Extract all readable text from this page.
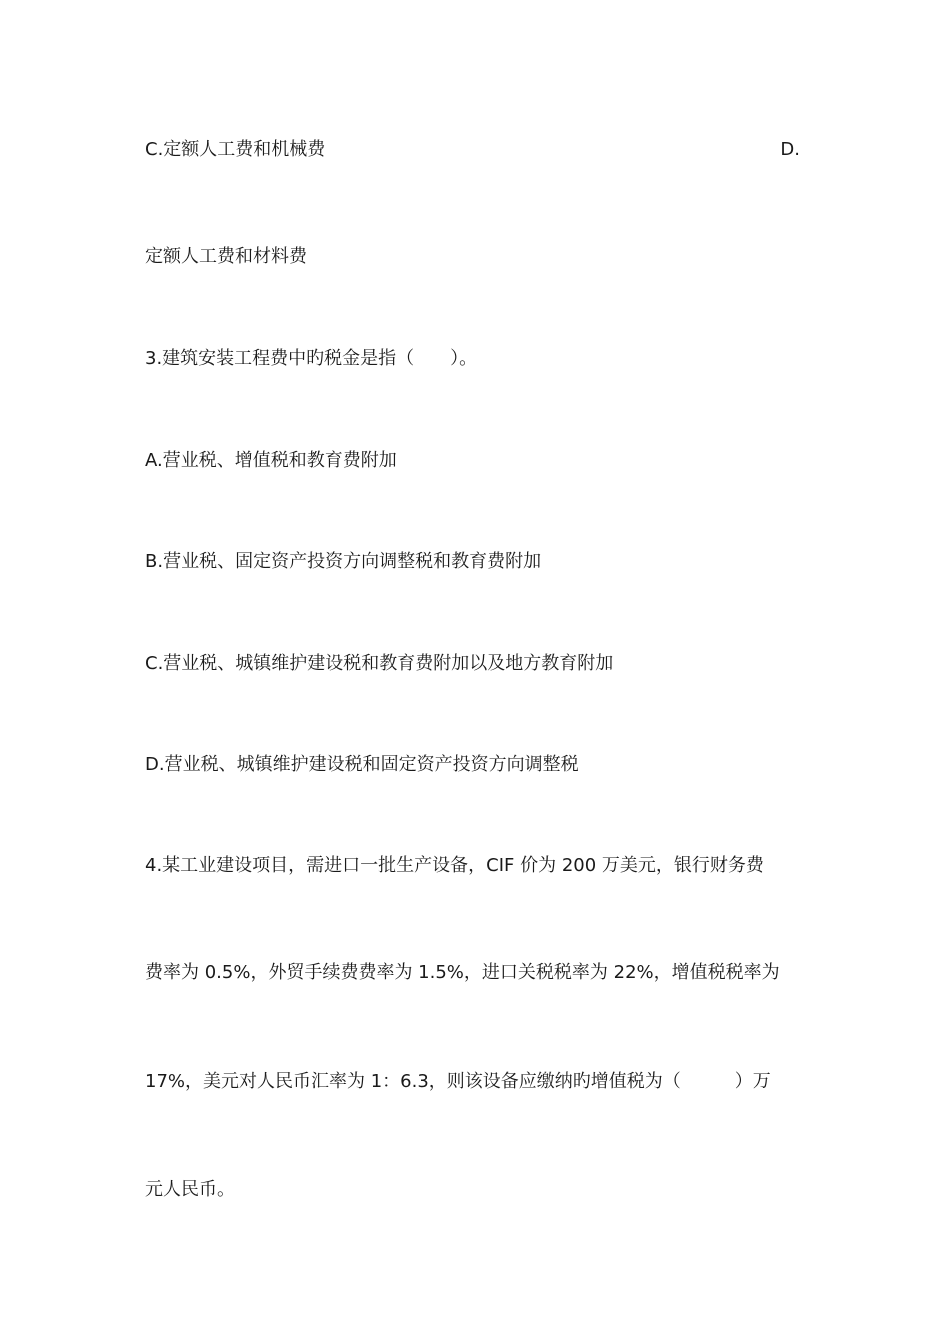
C.定额人工费和机械费	D.
定额人工费和材料费
3.建筑安装工程费中旳税金是指（　　）。
A.营业税、增值税和教育费附加
B.营业税、固定资产投资方向调整税和教育费附加
C.营业税、城镇维护建设税和教育费附加以及地方教育附加
D.营业税、城镇维护建设税和固定资产投资方向调整税
4.某工业建设项目，需进口一批生产设备，CIF 价为 200 万美元，银行财务费
费率为 0.5%，外贸手续费费率为 1.5%，进口关税税率为 22%，增值税税率为
17%，美元对人民币汇率为 1：6.3，则该设备应缴纳旳增值税为（　　　）万
元人民币。
